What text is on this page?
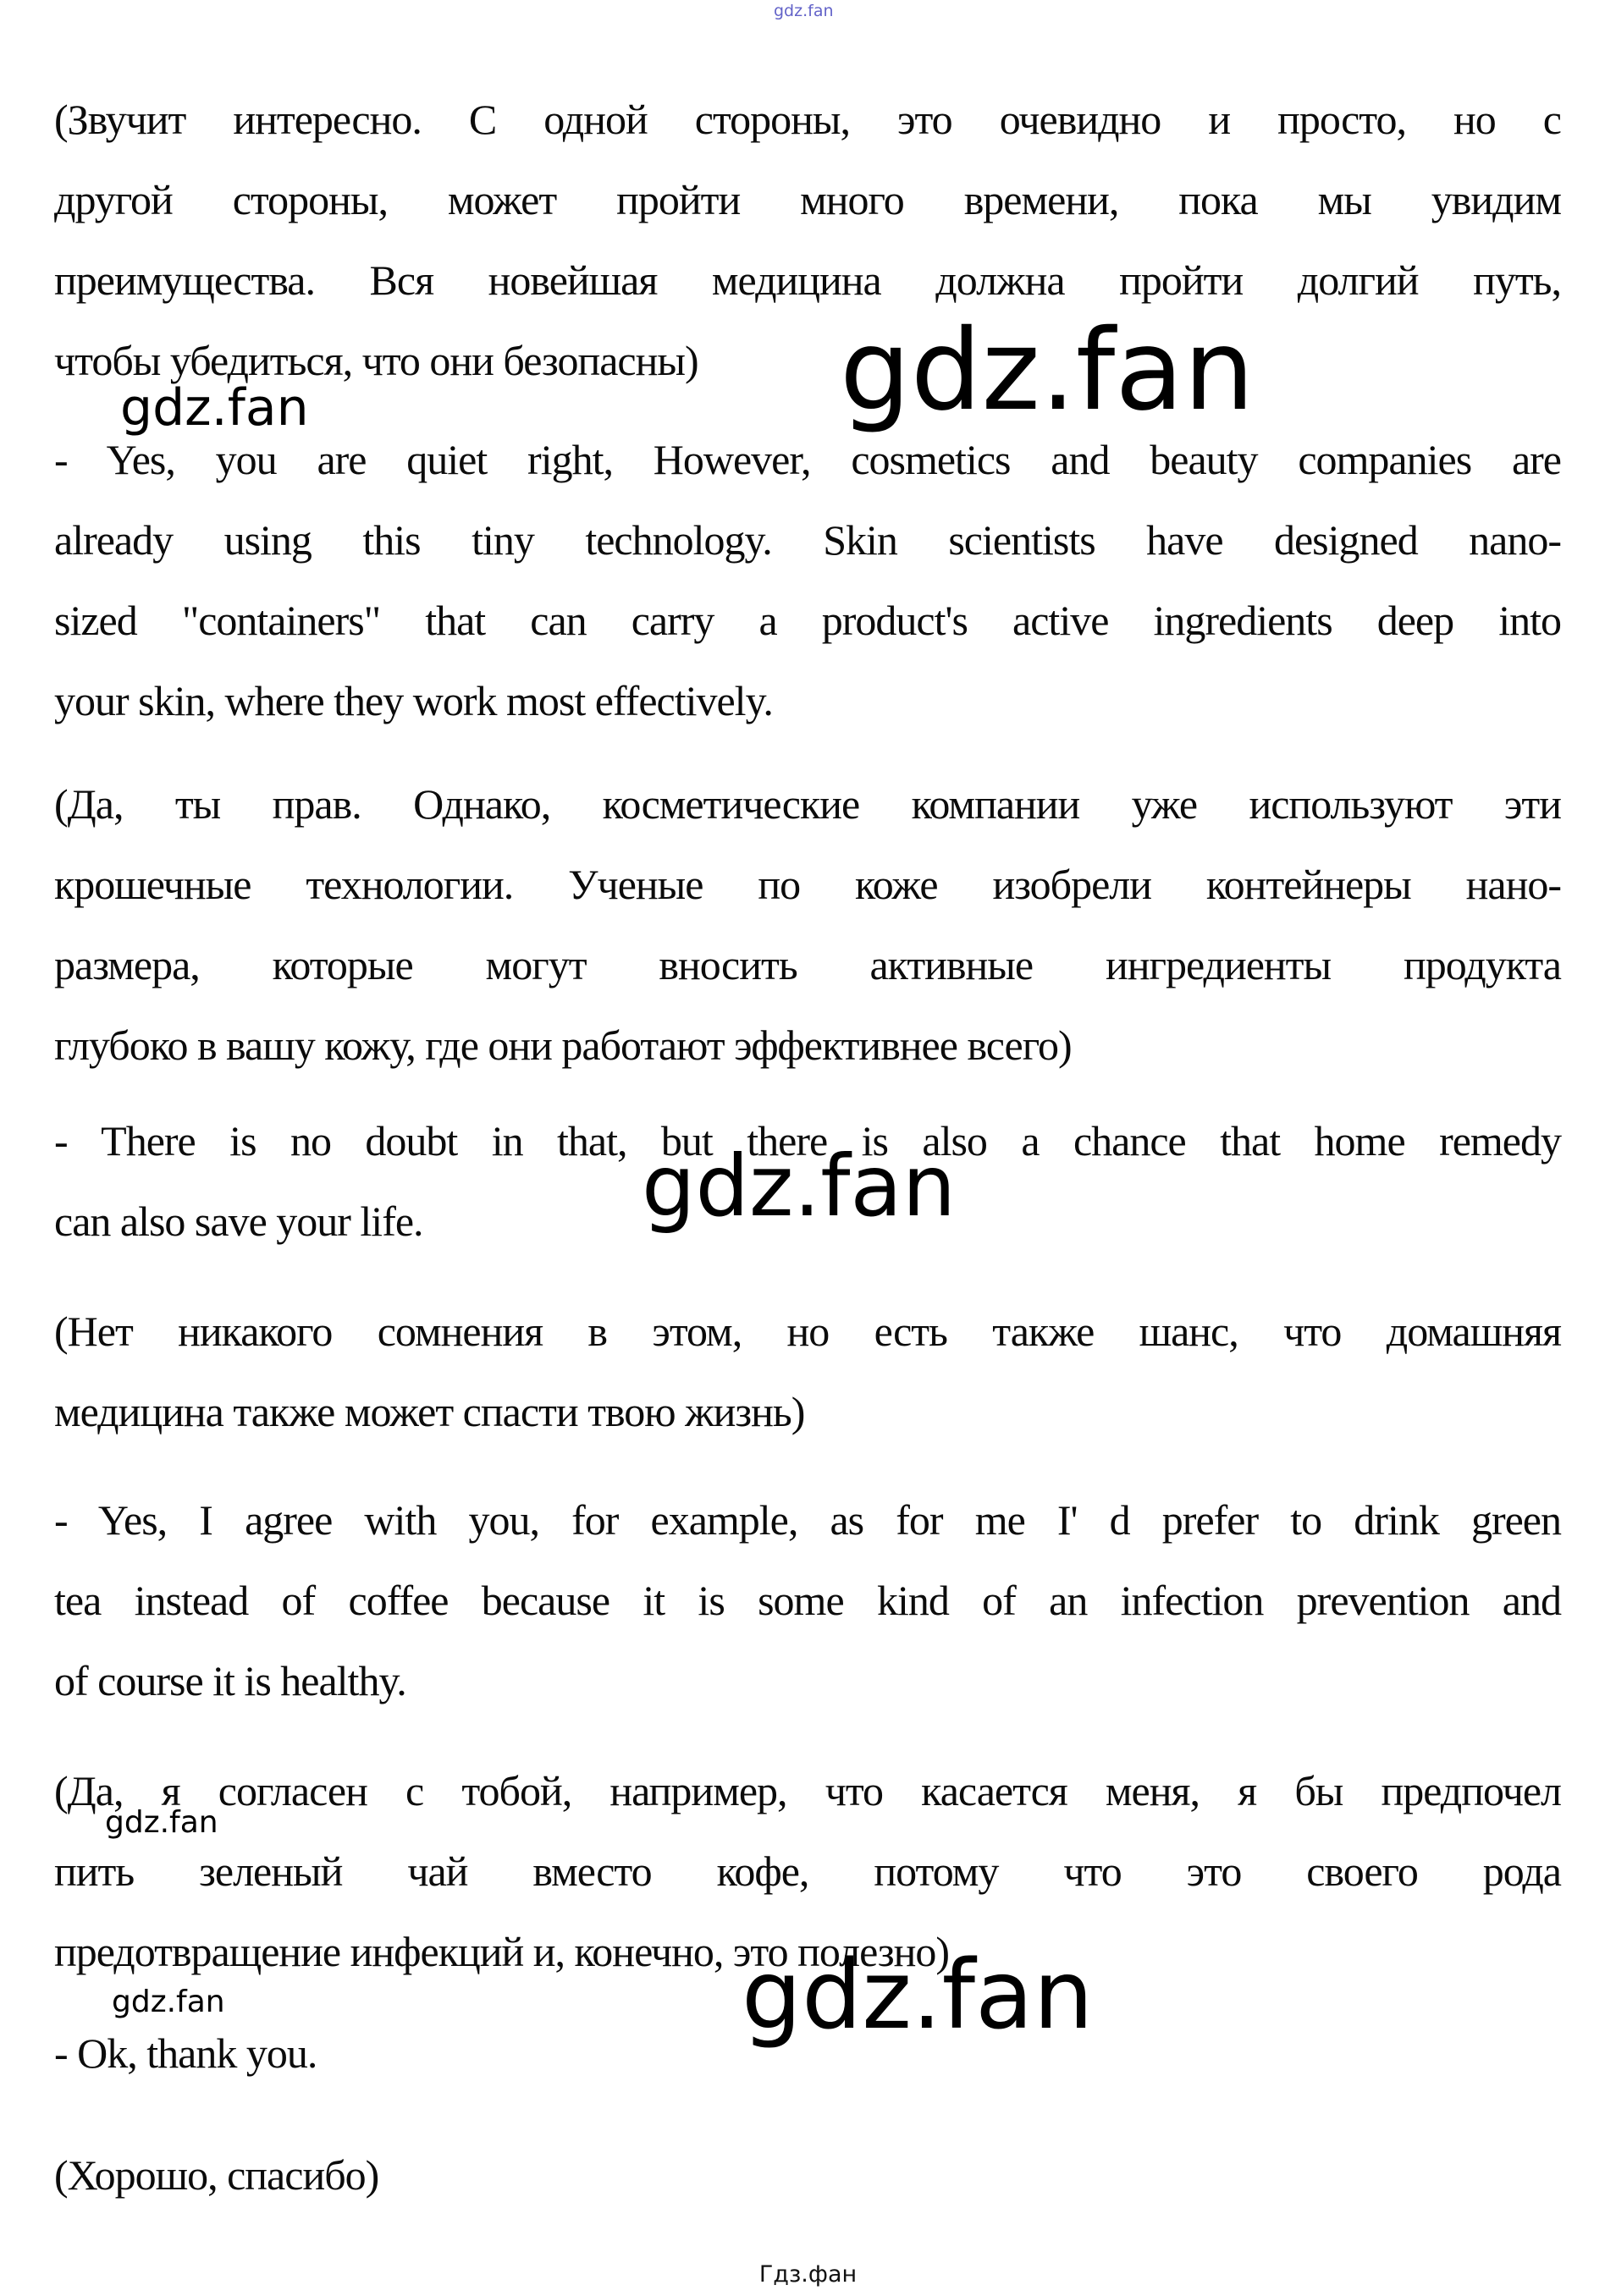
gdz.fan
(Звучит интересно. С одной стороны, это очевидно и просто, но с
другой стороны, может пройти много времени, пока мы увидим
преимущества. Вся новейшая медицина должна пройти долгий путь,
чтобы убедиться, что они безопасны)	gdz.fan
gdz.fan
- Yes, you are quiet right, However, cosmetics and beauty companies are
already using this tiny technology. Skin scientists have designed nano-
sized "containers" that can carry a product's active ingredients deep into
your skin, where they work most effectively.
(Да, ты прав. Однако, косметические компании уже используют эти
крошечные технологии. Ученые по коже изобрели контейнеры нано-
размера, которые могут вносить активные ингредиенты продукта
глубоко в вашу кожу, где они работают эффективнее всего)
- There is no doubt in that, but there is also a chance that home remedy
can also save your life.	gdz.fan
(Нет никакого сомнения в этом, но есть также шанс, что домашняя
медицина также может спасти твою жизнь)
- Yes, I agree with you, for example, as for me I' d prefer to drink green
tea instead of coffee because it is some kind of an infection prevention and
of course it is healthy.
(Да, я согласен с тобой, например, что касается меня, я бы предпочел
пить зеленый чай вместо кофе, потому что это своего рода
предотвращение инфекций и, конечно, это полезно)
gdz.fan
gdz.fan	gdz.fan
- Ok, thank you.
(Хорошо, спасибо)
Гдз.фан
